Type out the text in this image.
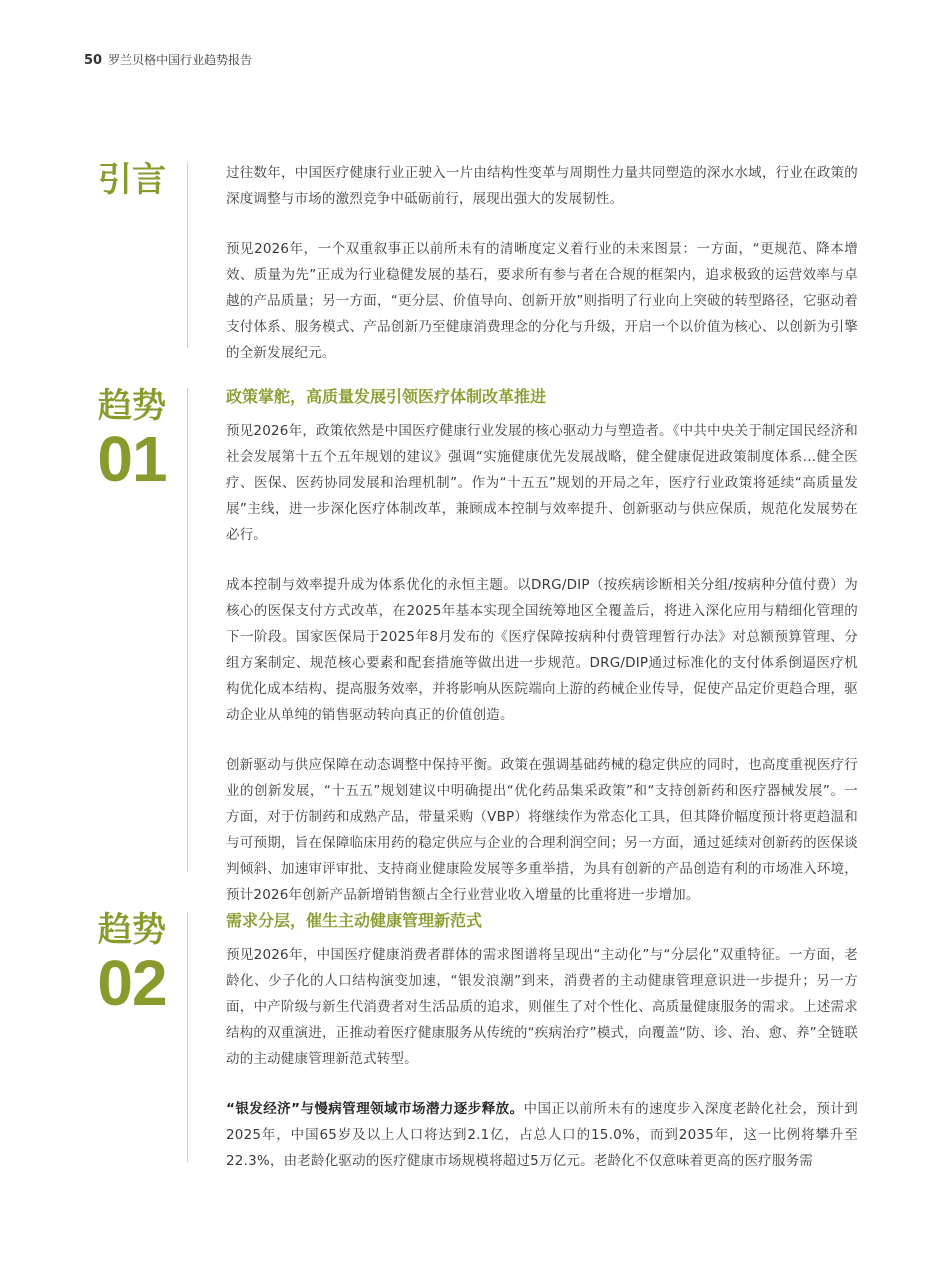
50 罗兰贝格中国行业趋势报告
引言	过往数年，中国医疗健康行业正驶入一片由结构性变革与周期性力量共同塑造的深水水域，行业在政策的深度调整与市场的激烈竞争中砥砺前行，展现出强大的发展韧性。

预见2026年，一个双重叙事正以前所未有的清晰度定义着行业的未来图景：一方面，“更规范、降本增效、质量为先”正成为行业稳健发展的基石，要求所有参与者在合规的框架内，追求极致的运营效率与卓越的产品质量；另一方面，“更分层、价值导向、创新开放”则指明了行业向上突破的转型路径，它驱动着支付体系、服务模式、产品创新乃至健康消费理念的分化与升级，开启一个以价值为核心、以创新为引擎的全新发展纪元。

趋势
01
政策掌舵，高质量发展引领医疗体制改革推进

预见2026年，政策依然是中国医疗健康行业发展的核心驱动力与塑造者。《中共中央关于制定国民经济和社会发展第十五个五年规划的建议》强调“实施健康优先发展战略，健全健康促进政策制度体系…健全医疗、医保、医药协同发展和治理机制”。作为“十五五”规划的开局之年，医疗行业政策将延续“高质量发展”主线，进一步深化医疗体制改革，兼顾成本控制与效率提升、创新驱动与供应保质，规范化发展势在必行。

成本控制与效率提升成为体系优化的永恒主题。以DRG/DIP（按疾病诊断相关分组/按病种分值付费）为核心的医保支付方式改革，在2025年基本实现全国统筹地区全覆盖后，将进入深化应用与精细化管理的下一阶段。国家医保局于2025年8月发布的《医疗保障按病种付费管理暂行办法》对总额预算管理、分组方案制定、规范核心要素和配套措施等做出进一步规范。DRG/DIP通过标准化的支付体系倒逼医疗机构优化成本结构、提高服务效率，并将影响从医院端向上游的药械企业传导，促使产品定价更趋合理，驱动企业从单纯的销售驱动转向真正的价值创造。

创新驱动与供应保障在动态调整中保持平衡。政策在强调基础药械的稳定供应的同时，也高度重视医疗行业的创新发展，“十五五”规划建议中明确提出“优化药品集采政策”和“支持创新药和医疗器械发展”。一方面，对于仿制药和成熟产品，带量采购（VBP）将继续作为常态化工具，但其降价幅度预计将更趋温和与可预期，旨在保障临床用药的稳定供应与企业的合理利润空间；另一方面，通过延续对创新药的医保谈判倾斜、加速审评审批、支持商业健康险发展等多重举措，为具有创新的产品创造有利的市场准入环境，预计2026年创新产品新增销售额占全行业营业收入增量的比重将进一步增加。

趋势
02
需求分层，催生主动健康管理新范式

预见2026年，中国医疗健康消费者群体的需求图谱将呈现出“主动化”与“分层化”双重特征。一方面，老龄化、少子化的人口结构演变加速，“银发浪潮”到来，消费者的主动健康管理意识进一步提升；另一方面，中产阶级与新生代消费者对生活品质的追求，则催生了对个性化、高质量健康服务的需求。上述需求结构的双重演进，正推动着医疗健康服务从传统的“疾病治疗”模式，向覆盖“防、诊、治、愈、养”全链联动的主动健康管理新范式转型。

“银发经济”与慢病管理领域市场潜力逐步释放。中国正以前所未有的速度步入深度老龄化社会，预计到2025年，中国65岁及以上人口将达到2.1亿，占总人口的15.0%，而到2035年，这一比例将攀升至22.3%，由老龄化驱动的医疗健康市场规模将超过5万亿元。老龄化不仅意味着更高的医疗服务需
